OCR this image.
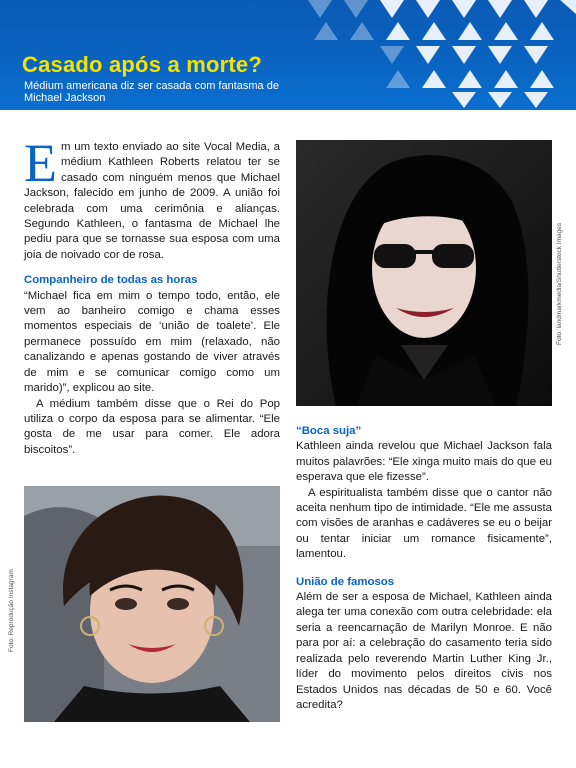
Casado após a morte?

Médium americana diz ser casada com fantasma de Michael Jackson

E m um texto enviado ao site Vocal Media, a médium Kathleen Roberts relatou ter se casado com ninguém menos que Michael Jackson, falecido em junho de 2009. A união foi celebrada com uma cerimônia e alianças. Segundo Kathleen, o fantasma de Michael lhe pediu para que se tornasse sua esposa com uma joia de noivado cor de rosa.

Companheiro de todas as horas

“Michael fica em mim o tempo todo, então, ele vem ao banheiro comigo e chama esses momentos especiais de ‘união de toalete’. Ele permanece possuído em mim (relaxado, não canalizando e apenas gostando de viver através de mim e se comunicar comigo como um marido)”, explicou ao site.

A médium também disse que o Rei do Pop utiliza o corpo da esposa para se alimentar. “Ele gosta de me usar para comer. Ele adora biscoitos”.

Foto: landmarkmedia/Shutterstock Images
Foto: Reprodução Instagram

“Boca suja”

Kathleen ainda revelou que Michael Jackson fala muitos palavrões: “Ele xinga muito mais do que eu esperava que ele fizesse”.

A espiritualista também disse que o cantor não aceita nenhum tipo de intimidade. “Ele me assusta com visões de aranhas e cadáveres se eu o beijar ou tentar iniciar um romance fisicamente”, lamentou.

União de famosos

Além de ser a esposa de Michael, Kathleen ainda alega ter uma conexão com outra celebridade: ela seria a reencarnação de Marilyn Monroe. E não para por aí: a celebração do casamento teria sido realizada pelo reverendo Martin Luther King Jr., líder do movimento pelos direitos civis nos Estados Unidos nas décadas de 50 e 60. Você acredita?
